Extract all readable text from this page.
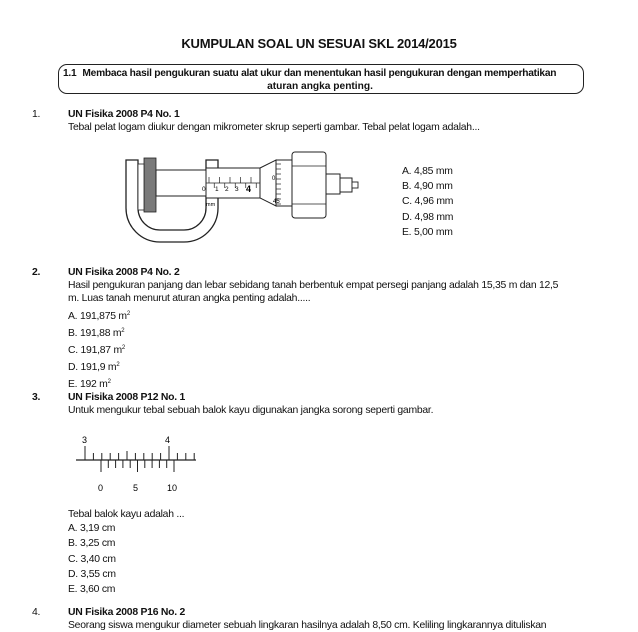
KUMPULAN SOAL UN SESUAI SKL 2014/2015
1.1 Membaca hasil pengukuran suatu alat ukur dan menentukan hasil pengukuran dengan memperhatikan
aturan angka penting.
1.	UN Fisika 2008 P4 No. 1
Tebal pelat logam diukur dengan mikrometer skrup seperti gambar. Tebal pelat logam adalah...
0 1 2 3 4
mm
0
45
A. 4,85 mm
B. 4,90 mm
C. 4,96 mm
D. 4,98 mm
E. 5,00 mm
2.	UN Fisika 2008 P4 No. 2
Hasil pengukuran panjang dan lebar sebidang tanah berbentuk empat persegi panjang adalah 15,35 m dan 12,5
m. Luas tanah menurut aturan angka penting adalah.....
A. 191,875 $m^2$
B. 191,88 $m^2$
C. 191,87 $m^2$
D. 191,9 $m^2$
E. 192 $m^2$
3.	UN Fisika 2008 P12 No. 1
Untuk mengukur tebal sebuah balok kayu digunakan jangka sorong seperti gambar.
3	4
0	5	10
Tebal balok kayu adalah ...
A. 3,19 cm
B. 3,25 cm
C. 3,40 cm
D. 3,55 cm
E. 3,60 cm
4.	UN Fisika 2008 P16 No. 2
Seorang siswa mengukur diameter sebuah lingkaran hasilnya adalah 8,50 cm. Keliling lingkarannya dituliskan
